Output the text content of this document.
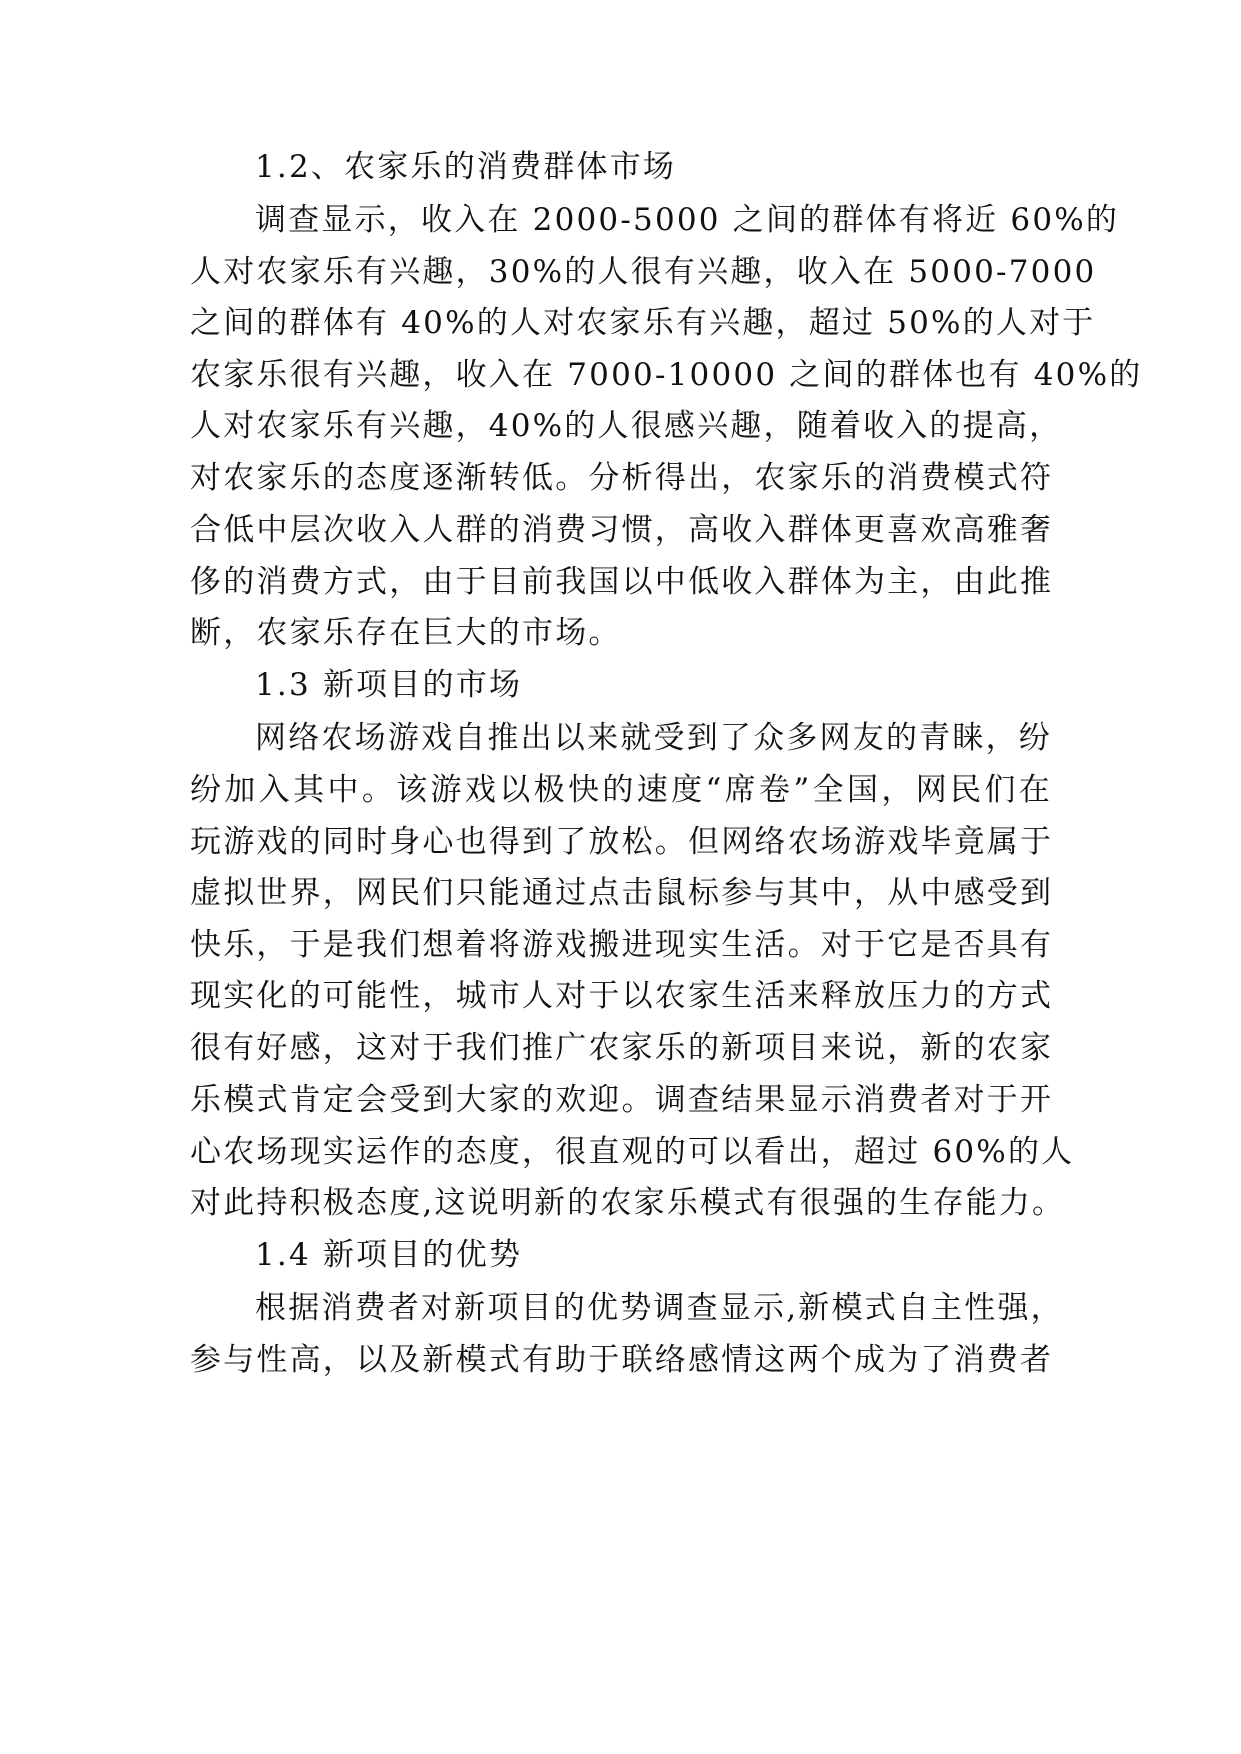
1.2、农家乐的消费群体市场
调查显示，收入在 2000-5000 之间的群体有将近 60%的
人对农家乐有兴趣，30%的人很有兴趣，收入在 5000-7000
之间的群体有 40%的人对农家乐有兴趣，超过 50%的人对于
农家乐很有兴趣，收入在 7000-10000 之间的群体也有 40%的
人对农家乐有兴趣，40%的人很感兴趣，随着收入的提高，
对农家乐的态度逐渐转低。分析得出，农家乐的消费模式符
合低中层次收入人群的消费习惯，高收入群体更喜欢高雅奢
侈的消费方式，由于目前我国以中低收入群体为主，由此推
断，农家乐存在巨大的市场。
1.3 新项目的市场
网络农场游戏自推出以来就受到了众多网友的青睐，纷
纷加入其中。该游戏以极快的速度“席卷”全国，网民们在
玩游戏的同时身心也得到了放松。但网络农场游戏毕竟属于
虚拟世界，网民们只能通过点击鼠标参与其中，从中感受到
快乐，于是我们想着将游戏搬进现实生活。对于它是否具有
现实化的可能性，城市人对于以农家生活来释放压力的方式
很有好感，这对于我们推广农家乐的新项目来说，新的农家
乐模式肯定会受到大家的欢迎。调查结果显示消费者对于开
心农场现实运作的态度，很直观的可以看出，超过 60%的人
对此持积极态度,这说明新的农家乐模式有很强的生存能力。
1.4 新项目的优势
根据消费者对新项目的优势调查显示,新模式自主性强，
参与性高，以及新模式有助于联络感情这两个成为了消费者
